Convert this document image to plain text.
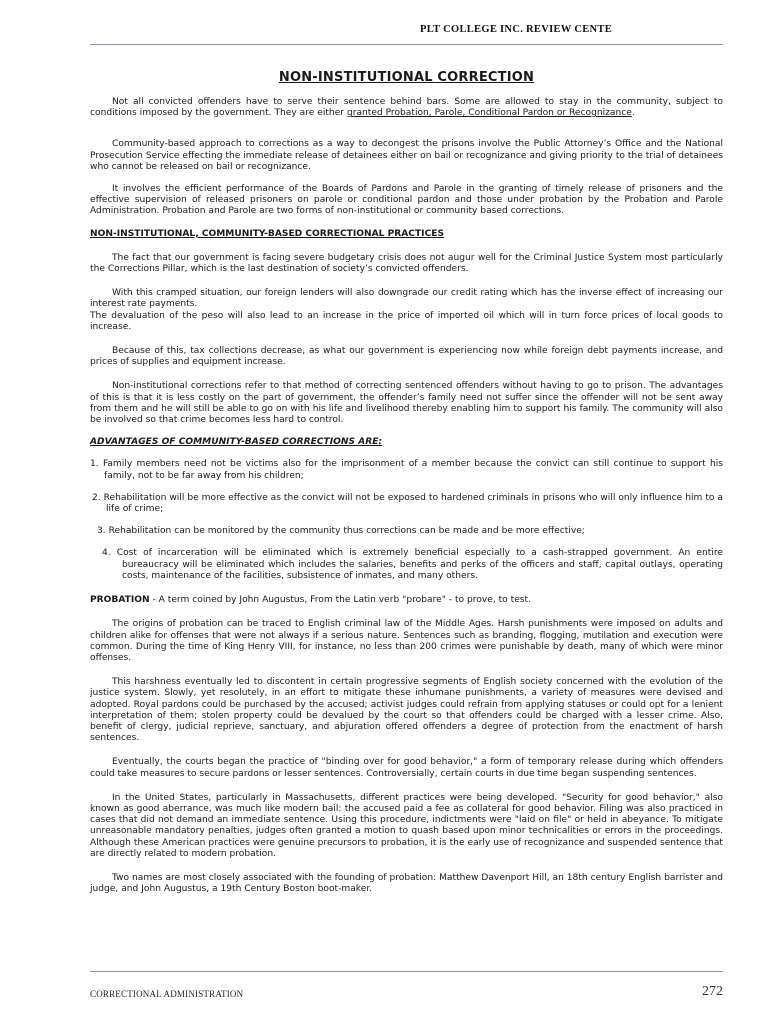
PLT COLLEGE INC. REVIEW CENTE
NON-INSTITUTIONAL CORRECTION

Not all convicted offenders have to serve their sentence behind bars. Some are allowed to stay in the community, subject to conditions imposed by the government. They are either granted Probation, Parole, Conditional Pardon or Recognizance.

Community-based approach to corrections as a way to decongest the prisons involve the Public Attorney’s Office and the National Prosecution Service effecting the immediate release of detainees either on bail or recognizance and giving priority to the trial of detainees who cannot be released on bail or recognizance.

It involves the efficient performance of the Boards of Pardons and Parole in the granting of timely release of prisoners and the effective supervision of released prisoners on parole or conditional pardon and those under probation by the Probation and Parole Administration. Probation and Parole are two forms of non-institutional or community based corrections.

NON-INSTITUTIONAL, COMMUNITY-BASED CORRECTIONAL PRACTICES

The fact that our government is facing severe budgetary crisis does not augur well for the Criminal Justice System most particularly the Corrections Pillar, which is the last destination of society’s convicted offenders.

With this cramped situation, our foreign lenders will also downgrade our credit rating which has the inverse effect of increasing our interest rate payments.

The devaluation of the peso will also lead to an increase in the price of imported oil which will in turn force prices of local goods to increase.

Because of this, tax collections decrease, as what our government is experiencing now while foreign debt payments increase, and prices of supplies and equipment increase.

Non-institutional corrections refer to that method of correcting sentenced offenders without having to go to prison. The advantages of this is that it is less costly on the part of government, the offender’s family need not suffer since the offender will not be sent away from them and he will still be able to go on with his life and livelihood thereby enabling him to support his family. The community will also be involved so that crime becomes less hard to control.

ADVANTAGES OF COMMUNITY-BASED CORRECTIONS ARE:
1. Family members need not be victims also for the imprisonment of a member because the convict can still continue to support his family, not to be far away from his children;
2. Rehabilitation will be more effective as the convict will not be exposed to hardened criminals in prisons who will only influence him to a life of crime;
3. Rehabilitation can be monitored by the community thus corrections can be made and be more effective;
4. Cost of incarceration will be eliminated which is extremely beneficial especially to a cash-strapped government. An entire bureaucracy will be eliminated which includes the salaries, benefits and perks of the officers and staff, capital outlays, operating costs, maintenance of the facilities, subsistence of inmates, and many others.

PROBATION - A term coined by John Augustus, From the Latin verb "probare" - to prove, to test.

The origins of probation can be traced to English criminal law of the Middle Ages. Harsh punishments were imposed on adults and children alike for offenses that were not always if a serious nature. Sentences such as branding, flogging, mutilation and execution were common. During the time of King Henry VIII, for instance, no less than 200 crimes were punishable by death, many of which were minor offenses.

This harshness eventually led to discontent in certain progressive segments of English society concerned with the evolution of the justice system. Slowly, yet resolutely, in an effort to mitigate these inhumane punishments, a variety of measures were devised and adopted. Royal pardons could be purchased by the accused; activist judges could refrain from applying statuses or could opt for a lenient interpretation of them; stolen property could be devalued by the court so that offenders could be charged with a lesser crime. Also, benefit of clergy, judicial reprieve, sanctuary, and abjuration offered offenders a degree of protection from the enactment of harsh sentences.

Eventually, the courts began the practice of "binding over for good behavior," a form of temporary release during which offenders could take measures to secure pardons or lesser sentences. Controversially, certain courts in due time began suspending sentences.

In the United States, particularly in Massachusetts, different practices were being developed. "Security for good behavior," also known as good aberrance, was much like modern bail: the accused paid a fee as collateral for good behavior. Filing was also practiced in cases that did not demand an immediate sentence. Using this procedure, indictments were "laid on file" or held in abeyance. To mitigate unreasonable mandatory penalties, judges often granted a motion to quash based upon minor technicalities or errors in the proceedings. Although these American practices were genuine precursors to probation, it is the early use of recognizance and suspended sentence that are directly related to modern probation.

Two names are most closely associated with the founding of probation: Matthew Davenport Hill, an 18th century English barrister and judge, and John Augustus, a 19th Century Boston boot-maker.

CORRECTIONAL ADMINISTRATION	272
